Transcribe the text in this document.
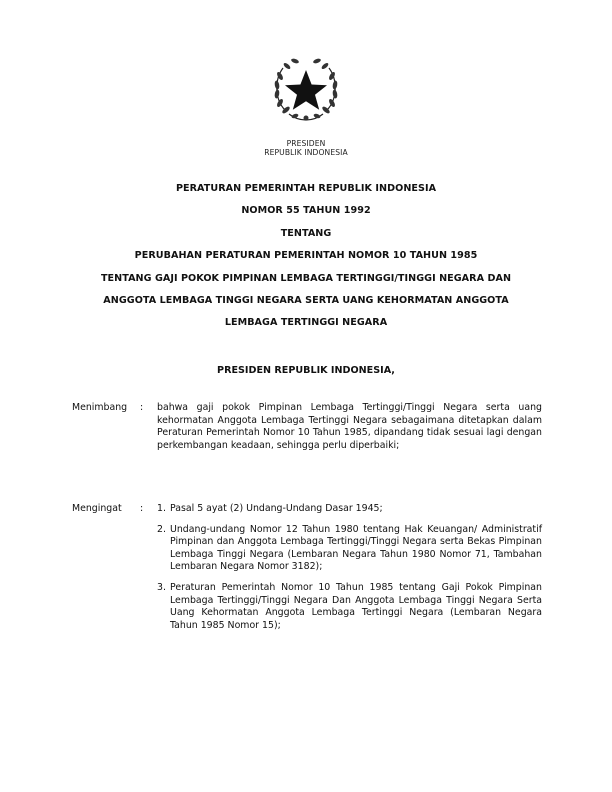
PRESIDEN
REPUBLIK INDONESIA
PERATURAN PEMERINTAH REPUBLIK INDONESIA
NOMOR 55 TAHUN 1992
TENTANG
PERUBAHAN PERATURAN PEMERINTAH NOMOR 10 TAHUN 1985
TENTANG GAJI POKOK PIMPINAN LEMBAGA TERTINGGI/TINGGI NEGARA DAN
ANGGOTA LEMBAGA TINGGI NEGARA SERTA UANG KEHORMATAN ANGGOTA
LEMBAGA TERTINGGI NEGARA
PRESIDEN REPUBLIK INDONESIA,
Menimbang : bahwa gaji pokok Pimpinan Lembaga Tertinggi/Tinggi Negara serta uang kehormatan Anggota Lembaga Tertinggi Negara sebagaimana ditetapkan dalam Peraturan Pemerintah Nomor 10 Tahun 1985, dipandang tidak sesuai lagi dengan perkembangan keadaan, sehingga perlu diperbaiki;
Mengingat : 1. Pasal 5 ayat (2) Undang-Undang Dasar 1945;
2. Undang-undang Nomor 12 Tahun 1980 tentang Hak Keuangan/ Administratif Pimpinan dan Anggota Lembaga Tertinggi/Tinggi Negara serta Bekas Pimpinan Lembaga Tinggi Negara (Lembaran Negara Tahun 1980 Nomor 71, Tambahan Lembaran Negara Nomor 3182);
3. Peraturan Pemerintah Nomor 10 Tahun 1985 tentang Gaji Pokok Pimpinan Lembaga Tertinggi/Tinggi Negara Dan Anggota Lembaga Tinggi Negara Serta Uang Kehormatan Anggota Lembaga Tertinggi Negara (Lembaran Negara Tahun 1985 Nomor 15);
